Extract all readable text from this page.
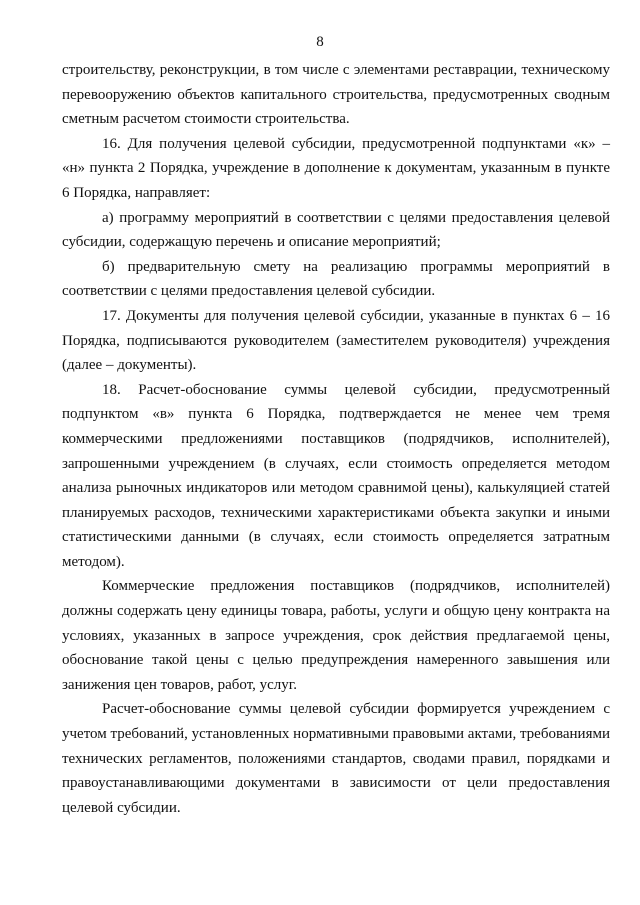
8

строительству, реконструкции, в том числе с элементами реставрации, техническому перевооружению объектов капитального строительства, предусмотренных сводным сметным расчетом стоимости строительства.

16. Для получения целевой субсидии, предусмотренной подпунктами «к» – «н» пункта 2 Порядка, учреждение в дополнение к документам, указанным в пункте 6 Порядка, направляет:

а) программу мероприятий в соответствии с целями предоставления целевой субсидии, содержащую перечень и описание мероприятий;

б) предварительную смету на реализацию программы мероприятий в соответствии с целями предоставления целевой субсидии.

17. Документы для получения целевой субсидии, указанные в пунктах 6 – 16 Порядка, подписываются руководителем (заместителем руководителя) учреждения (далее – документы).

18. Расчет-обоснование суммы целевой субсидии, предусмотренный подпунктом «в» пункта 6 Порядка, подтверждается не менее чем тремя коммерческими предложениями поставщиков (подрядчиков, исполнителей), запрошенными учреждением (в случаях, если стоимость определяется методом анализа рыночных индикаторов или методом сравнимой цены), калькуляцией статей планируемых расходов, техническими характеристиками объекта закупки и иными статистическими данными (в случаях, если стоимость определяется затратным методом).

Коммерческие предложения поставщиков (подрядчиков, исполнителей) должны содержать цену единицы товара, работы, услуги и общую цену контракта на условиях, указанных в запросе учреждения, срок действия предлагаемой цены, обоснование такой цены с целью предупреждения намеренного завышения или занижения цен товаров, работ, услуг.

Расчет-обоснование суммы целевой субсидии формируется учреждением с учетом требований, установленных нормативными правовыми актами, требованиями технических регламентов, положениями стандартов, сводами правил, порядками и правоустанавливающими документами в зависимости от цели предоставления целевой субсидии.
